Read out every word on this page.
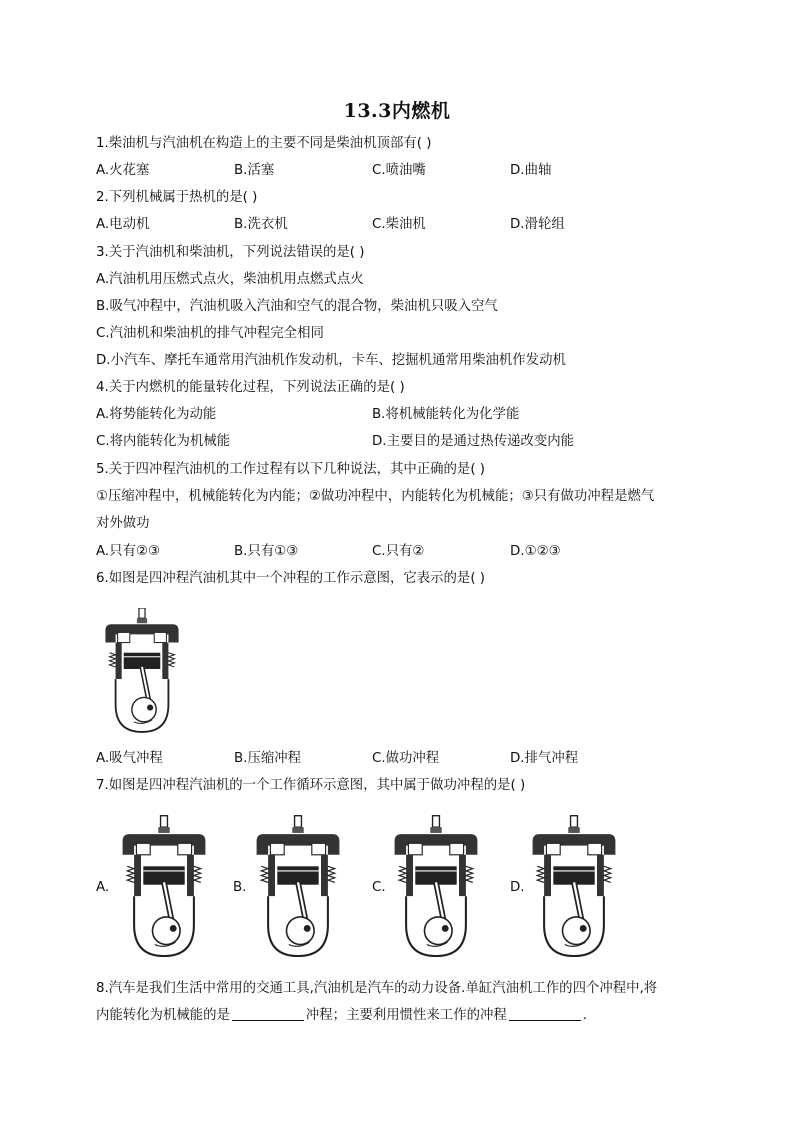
13.3内燃机
1.柴油机与汽油机在构造上的主要不同是柴油机顶部有( )
A.火花塞	B.活塞	C.喷油嘴	D.曲轴
2.下列机械属于热机的是( )
A.电动机	B.洗衣机	C.柴油机	D.滑轮组
3.关于汽油机和柴油机，下列说法错误的是( )
A.汽油机用压燃式点火，柴油机用点燃式点火
B.吸气冲程中，汽油机吸入汽油和空气的混合物，柴油机只吸入空气
C.汽油机和柴油机的排气冲程完全相同
D.小汽车、摩托车通常用汽油机作发动机，卡车、挖掘机通常用柴油机作发动机
4.关于内燃机的能量转化过程，下列说法正确的是( )
A.将势能转化为动能	B.将机械能转化为化学能
C.将内能转化为机械能	D.主要目的是通过热传递改变内能
5.关于四冲程汽油机的工作过程有以下几种说法，其中正确的是( )
①压缩冲程中，机械能转化为内能；②做功冲程中，内能转化为机械能；③只有做功冲程是燃气
对外做功
A.只有②③	B.只有①③	C.只有②	D.①②③
6.如图是四冲程汽油机其中一个冲程的工作示意图，它表示的是( )
A.吸气冲程	B.压缩冲程	C.做功冲程	D.排气冲程
7.如图是四冲程汽油机的一个工作循环示意图，其中属于做功冲程的是( )
A.	B.	C.	D.
8.汽车是我们生活中常用的交通工具,汽油机是汽车的动力设备.单缸汽油机工作的四个冲程中,将
内能转化为机械能的是	冲程；主要利用惯性来工作的冲程	.
